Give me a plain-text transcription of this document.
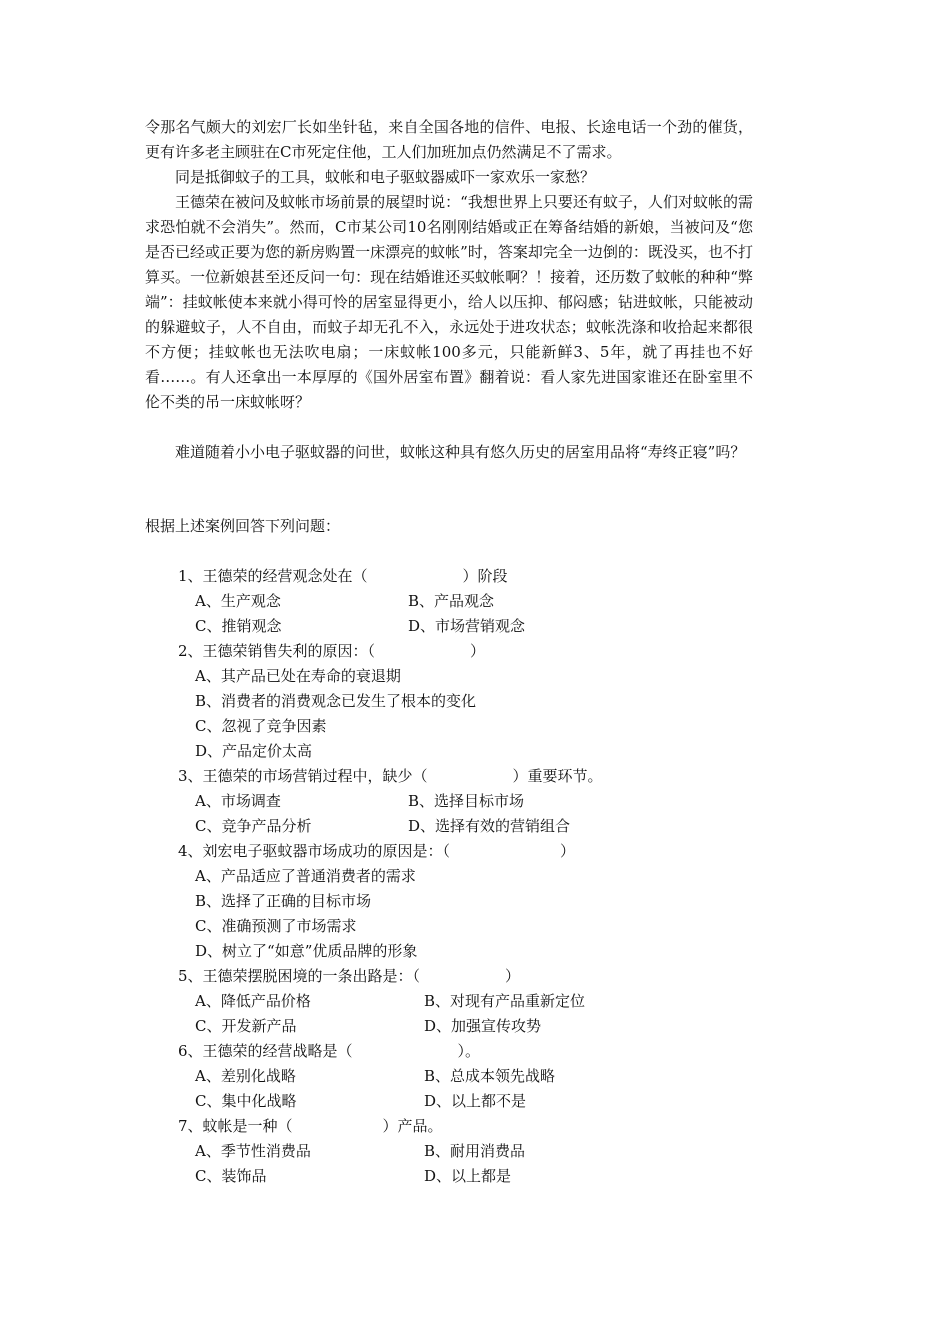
令那名气颇大的刘宏厂长如坐针毡，来自全国各地的信件、电报、长途电话一个劲的催货，更有许多老主顾驻在C市死定住他，工人们加班加点仍然满足不了需求。

同是抵御蚊子的工具，蚊帐和电子驱蚊器威吓一家欢乐一家愁？

王德荣在被问及蚊帐市场前景的展望时说：“我想世界上只要还有蚊子，人们对蚊帐的需求恐怕就不会消失”。然而，C市某公司10名刚刚结婚或正在筹备结婚的新娘，当被问及“您是否已经或正要为您的新房购置一床漂亮的蚊帐”时，答案却完全一边倒的：既没买，也不打算买。一位新娘甚至还反问一句：现在结婚谁还买蚊帐啊？！接着，还历数了蚊帐的种种“弊端”：挂蚊帐使本来就小得可怜的居室显得更小，给人以压抑、郁闷感；钻进蚊帐，只能被动的躲避蚊子，人不自由，而蚊子却无孔不入，永远处于进攻状态；蚊帐洗涤和收拾起来都很不方便；挂蚊帐也无法吹电扇；一床蚊帐100多元，只能新鲜3、5年，就了再挂也不好看……。有人还拿出一本厚厚的《国外居室布置》翻着说：看人家先进国家谁还在卧室里不伦不类的吊一床蚊帐呀？

难道随着小小电子驱蚊器的问世，蚊帐这种具有悠久历史的居室用品将“寿终正寝”吗？

根据上述案例回答下列问题：

1、王德荣的经营观念处在（	）阶段
A、生产观念	B、产品观念
C、推销观念	D、市场营销观念
2、王德荣销售失利的原因：（	）
A、其产品已处在寿命的衰退期
B、消费者的消费观念已发生了根本的变化
C、忽视了竞争因素
D、产品定价太高
3、王德荣的市场营销过程中，缺少（	）重要环节。
A、市场调查	B、选择目标市场
C、竞争产品分析	D、选择有效的营销组合
4、刘宏电子驱蚊器市场成功的原因是：（	）
A、产品适应了普通消费者的需求
B、选择了正确的目标市场
C、准确预测了市场需求
D、树立了“如意”优质品牌的形象
5、王德荣摆脱困境的一条出路是：（	）
A、降低产品价格	B、对现有产品重新定位
C、开发新产品	D、加强宣传攻势
6、王德荣的经营战略是（	）。
A、差别化战略	B、总成本领先战略
C、集中化战略	D、以上都不是
7、蚊帐是一种（	）产品。
A、季节性消费品	B、耐用消费品
C、装饰品	D、以上都是
